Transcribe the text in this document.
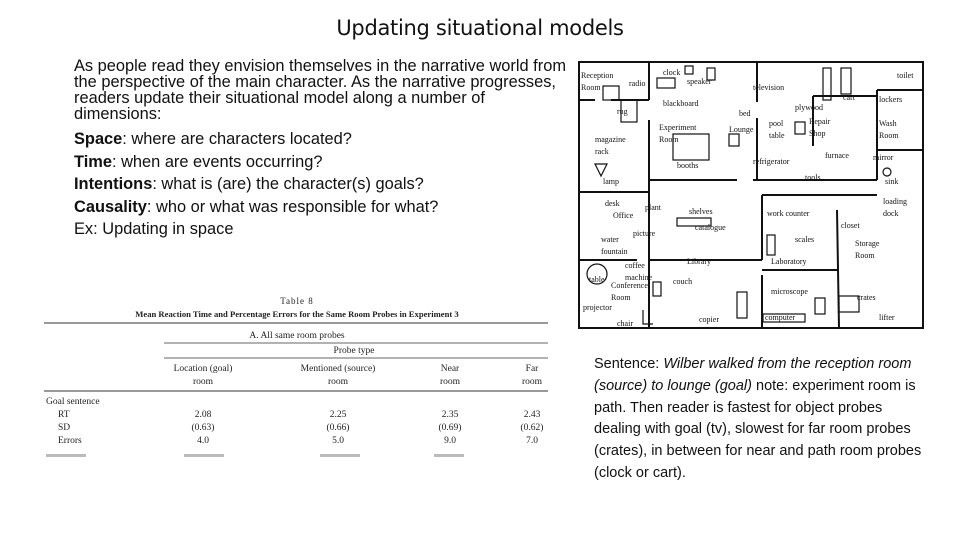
Updating situational models

As people read they envision themselves in the narrative world from the perspective of the main character. As the narrative progresses, readers update their situational model along a number of dimensions:

Space: where are characters located?

Time: when are events occurring?

Intentions: what is (are) the character(s) goals?

Causality: who or what was responsible for what?

Ex: Updating in space

Reception
Room	radio
clock
speaker
television
toilet
rug
blackboard
bed
plywood
cart	lockers
Experiment
Room
Lounge
pool
table
Repair
Shop
Wash
Room
magazine
rack
refrigerator
furnace	mirror
booths
lamp	tools	sink
desk	plant
Office	shelves	work counter
loading
dock
closet
water
fountain
picture
catalogue
scales	Storage
Room
coffee
machine
Library	Laboratory
table
Conference
Room
couch
microscope
crates
projector
chair	copier	computer	lifter
Table 8
Mean Reaction Time and Percentage Errors for the Same Room Probes in Experiment 3
A. All same room probes
Probe type
Location (goal)	Mentioned (source)	Near	Far
room	room	room	room
Goal sentence
RT	2.08	2.25	2.35	2.43
SD	(0.63)	(0.66)	(0.69)	(0.62)
Errors	4.0	5.0	9.0	7.0
Sentence: Wilber walked from the reception room (source) to lounge (goal) note: experiment room is path. Then reader is fastest for object probes dealing with goal (tv), slowest for far room probes (crates), in between for near and path room probes (clock or cart).
